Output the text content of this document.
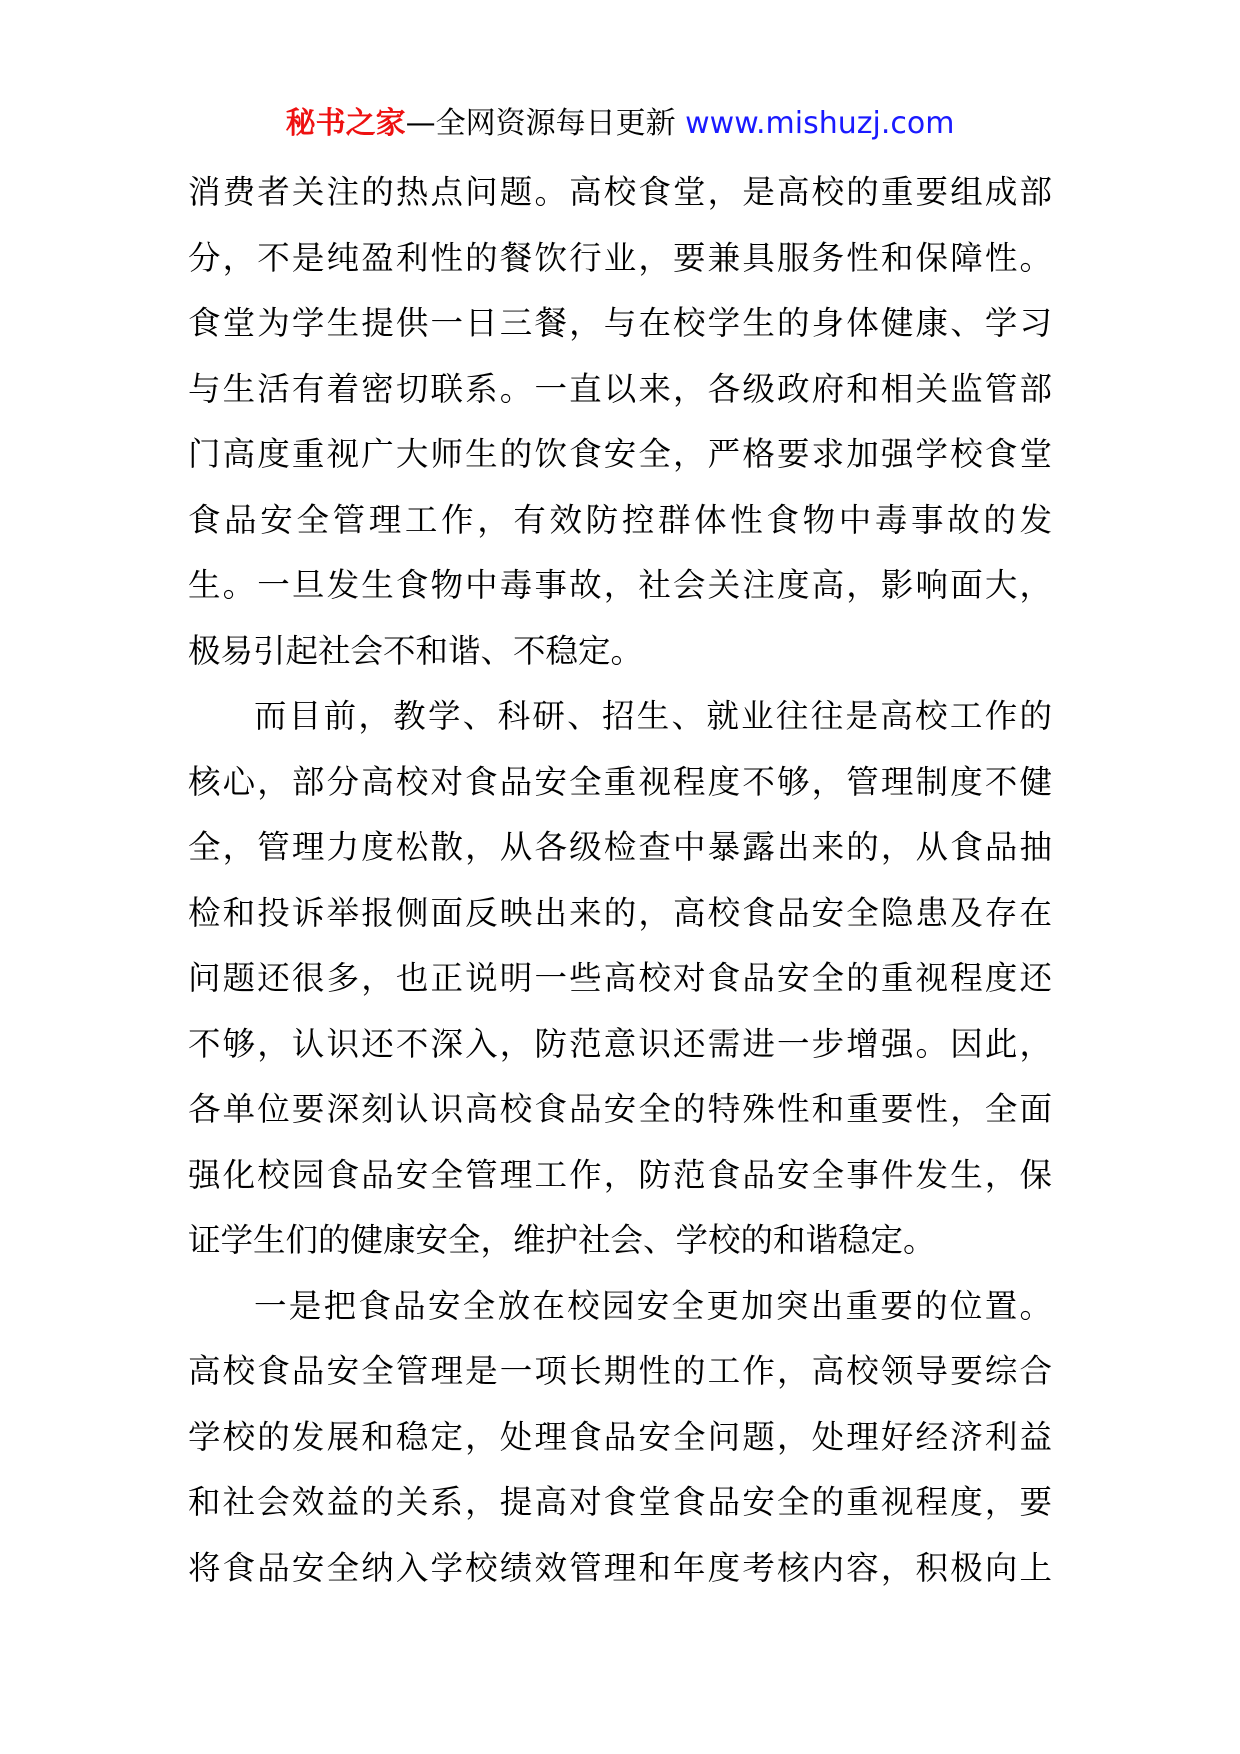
秘书之家—全网资源每日更新 www.mishuzj.com
消费者关注的热点问题。高校食堂，是高校的重要组成部
分，不是纯盈利性的餐饮行业，要兼具服务性和保障性。
食堂为学生提供一日三餐，与在校学生的身体健康、学习
与生活有着密切联系。一直以来，各级政府和相关监管部
门高度重视广大师生的饮食安全，严格要求加强学校食堂
食品安全管理工作，有效防控群体性食物中毒事故的发
生。一旦发生食物中毒事故，社会关注度高，影响面大，
极易引起社会不和谐、不稳定。
而目前，教学、科研、招生、就业往往是高校工作的
核心，部分高校对食品安全重视程度不够，管理制度不健
全，管理力度松散，从各级检查中暴露出来的，从食品抽
检和投诉举报侧面反映出来的，高校食品安全隐患及存在
问题还很多，也正说明一些高校对食品安全的重视程度还
不够，认识还不深入，防范意识还需进一步增强。因此，
各单位要深刻认识高校食品安全的特殊性和重要性，全面
强化校园食品安全管理工作，防范食品安全事件发生，保
证学生们的健康安全，维护社会、学校的和谐稳定。
一是把食品安全放在校园安全更加突出重要的位置。
高校食品安全管理是一项长期性的工作，高校领导要综合
学校的发展和稳定，处理食品安全问题，处理好经济利益
和社会效益的关系，提高对食堂食品安全的重视程度，要
将食品安全纳入学校绩效管理和年度考核内容，积极向上
